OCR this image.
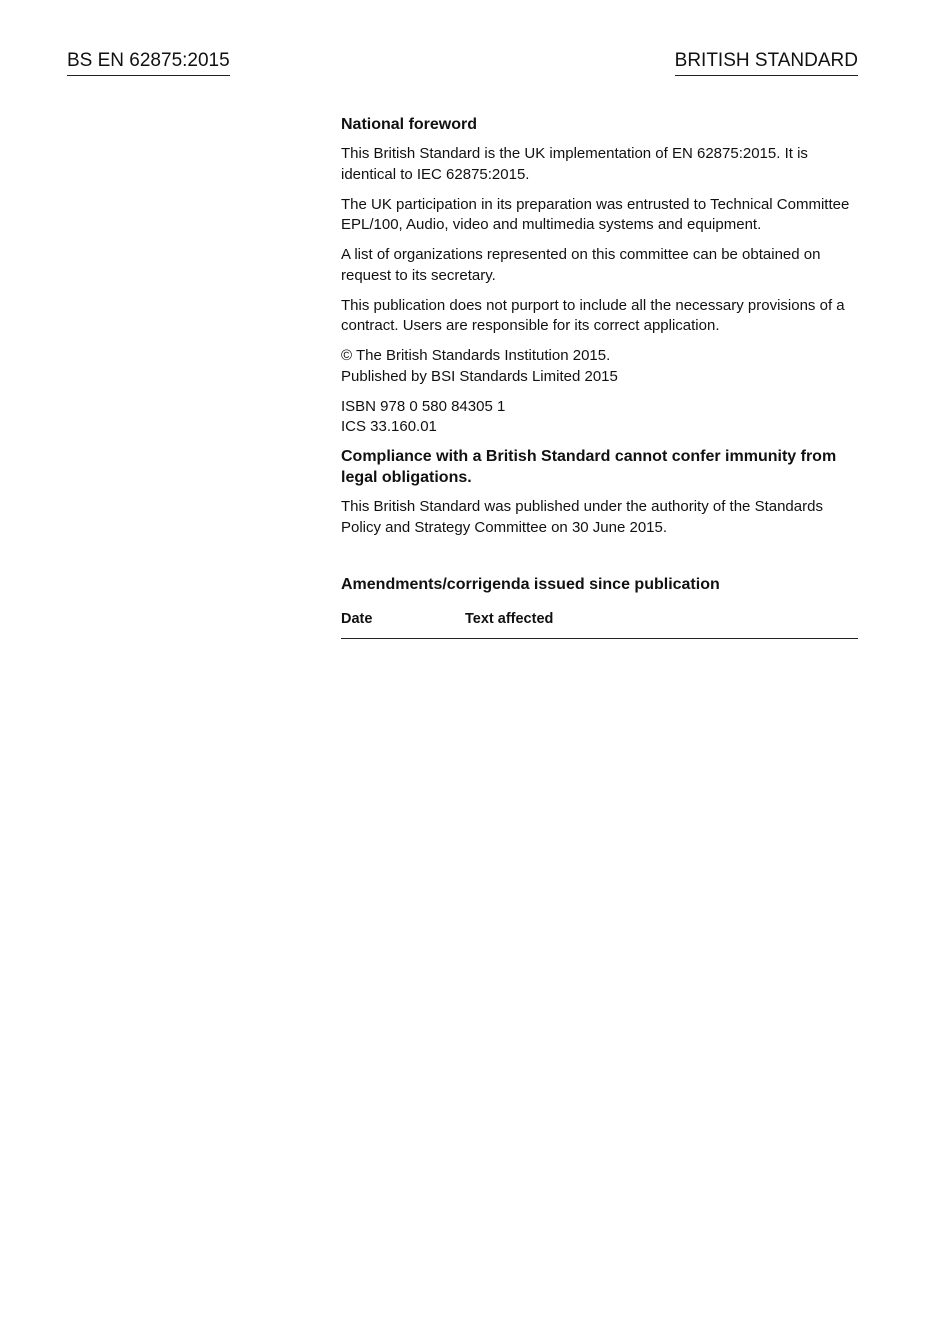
BS EN 62875:2015	BRITISH STANDARD
National foreword

This British Standard is the UK implementation of EN 62875:2015. It is identical to IEC 62875:2015.

The UK participation in its preparation was entrusted to Technical Committee EPL/100, Audio, video and multimedia systems and equipment.

A list of organizations represented on this committee can be obtained on request to its secretary.

This publication does not purport to include all the necessary provisions of a contract. Users are responsible for its correct application.

© The British Standards Institution 2015.
Published by BSI Standards Limited 2015

ISBN 978 0 580 84305 1
ICS 33.160.01

Compliance with a British Standard cannot confer immunity from legal obligations.

This British Standard was published under the authority of the Standards Policy and Strategy Committee on 30 June 2015.

Amendments/corrigenda issued since publication
Date	Text affected
